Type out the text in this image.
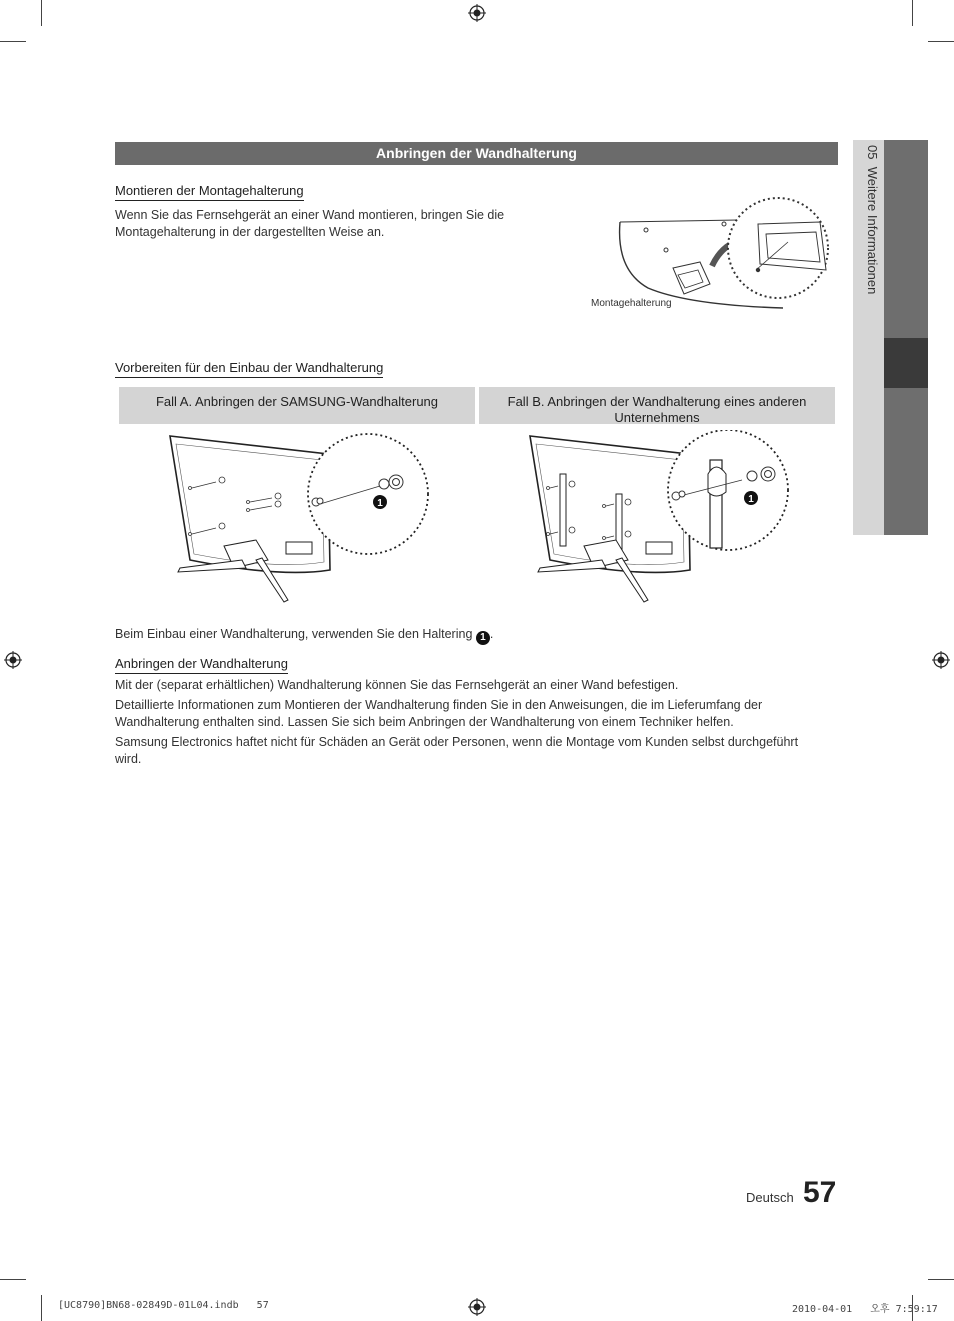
05  Weitere Informationen
Anbringen der Wandhalterung
Montieren der Montagehalterung
Wenn Sie das Fernsehgerät an einer Wand montieren, bringen Sie die
Montagehalterung in der dargestellten Weise an.
Montagehalterung
Vorbereiten für den Einbau der Wandhalterung
Fall A. Anbringen der SAMSUNG-Wandhalterung	Fall B. Anbringen der Wandhalterung eines anderen Unternehmens
1	1
Beim Einbau einer Wandhalterung, verwenden Sie den Haltering 1 .
Anbringen der Wandhalterung
Mit der (separat erhältlichen) Wandhalterung können Sie das Fernsehgerät an einer Wand befestigen.
Detaillierte Informationen zum Montieren der Wandhalterung finden Sie in den Anweisungen, die im Lieferumfang der
Wandhalterung enthalten sind. Lassen Sie sich beim Anbringen der Wandhalterung von einem Techniker helfen.
Samsung Electronics haftet nicht für Schäden an Gerät oder Personen, wenn die Montage vom Kunden selbst durchgeführt
wird.
Deutsch 57
[UC8790]BN68-02849D-01L04.indb   57	2010-04-01   오후 7:59:17
